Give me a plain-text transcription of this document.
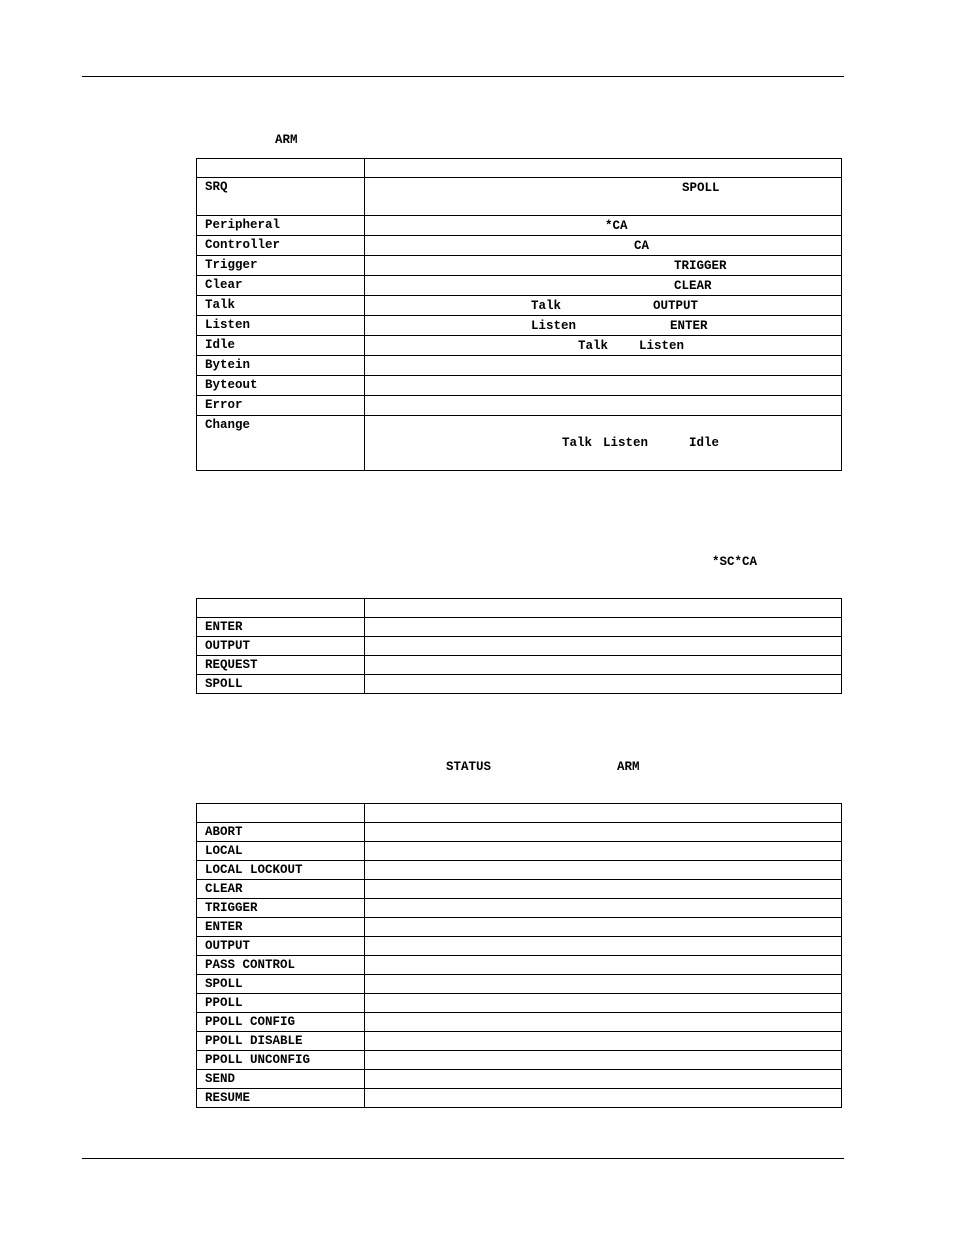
ARM

SRQ	SPOLL

Peripheral	*CA

Controller	CA

Trigger	TRIGGER

Clear	CLEAR

Talk	Talk OUTPUT

Listen	Listen ENTER

Idle	Talk Listen

Bytein	
Byteout	
Error	
Change	Talk Listen Idle
*SC*CA

ENTER	
OUTPUT	
REQUEST	
SPOLL	
STATUS	ARM

ABORT	
LOCAL	
LOCAL LOCKOUT	
CLEAR	
TRIGGER	
ENTER	
OUTPUT	
PASS CONTROL	
SPOLL	
PPOLL	
PPOLL CONFIG	
PPOLL DISABLE	
PPOLL UNCONFIG	
SEND	
RESUME	
